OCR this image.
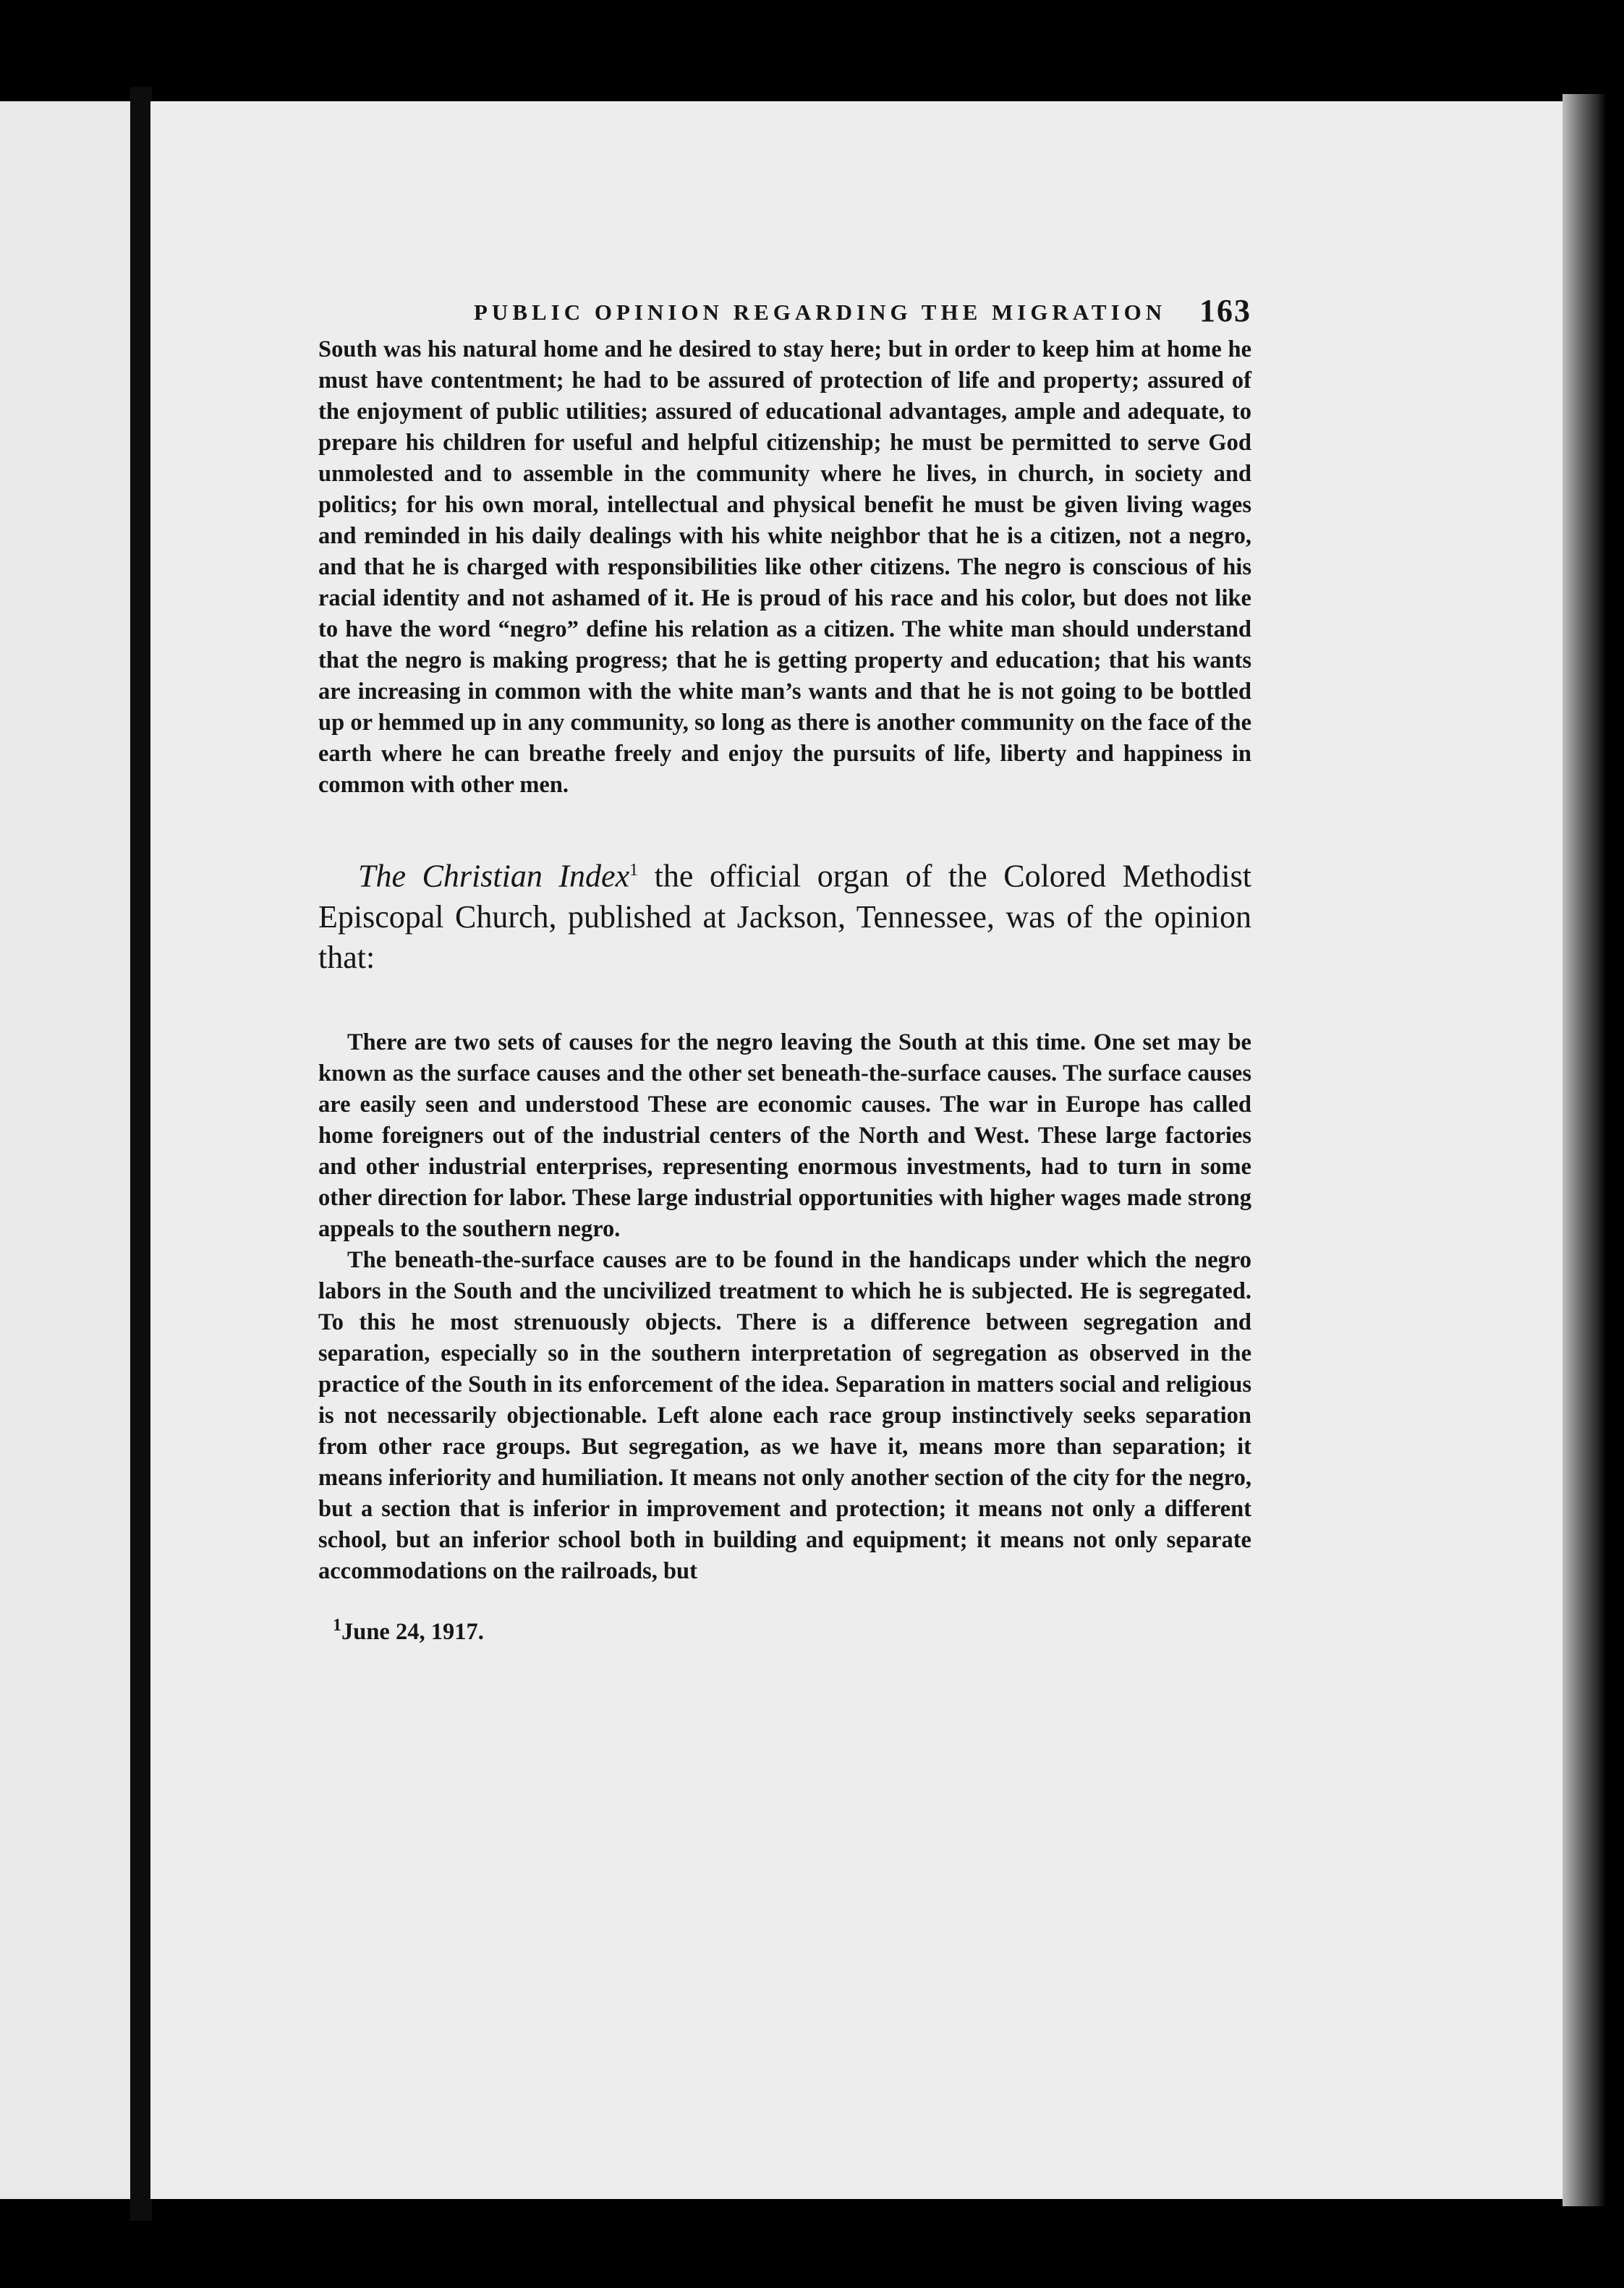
PUBLIC OPINION REGARDING THE MIGRATION 163

South was his natural home and he desired to stay here; but in order to keep him at home he must have contentment; he had to be assured of protection of life and property; assured of the enjoyment of public utilities; assured of educational advantages, ample and adequate, to prepare his children for useful and helpful citizenship; he must be permitted to serve God unmolested and to assemble in the community where he lives, in church, in society and politics; for his own moral, intellectual and physical benefit he must be given living wages and reminded in his daily dealings with his white neighbor that he is a citizen, not a negro, and that he is charged with responsibilities like other citizens. The negro is conscious of his racial identity and not ashamed of it. He is proud of his race and his color, but does not like to have the word “negro” define his relation as a citizen. The white man should understand that the negro is making progress; that he is getting property and education; that his wants are increasing in common with the white man’s wants and that he is not going to be bottled up or hemmed up in any community, so long as there is another community on the face of the earth where he can breathe freely and enjoy the pursuits of life, liberty and happiness in common with other men.

The Christian Index$^1$ the official organ of the Colored Methodist Episcopal Church, published at Jackson, Tennessee, was of the opinion that:

There are two sets of causes for the negro leaving the South at this time. One set may be known as the surface causes and the other set beneath-the-surface causes. The surface causes are easily seen and understood These are economic causes. The war in Europe has called home foreigners out of the industrial centers of the North and West. These large factories and other industrial enterprises, representing enormous investments, had to turn in some other direction for labor. These large industrial opportunities with higher wages made strong appeals to the southern negro.

The beneath-the-surface causes are to be found in the handicaps under which the negro labors in the South and the uncivilized treatment to which he is subjected. He is segregated. To this he most strenuously objects. There is a difference between segregation and separation, especially so in the southern interpretation of segregation as observed in the practice of the South in its enforcement of the idea. Separation in matters social and religious is not necessarily objectionable. Left alone each race group instinctively seeks separation from other race groups. But segregation, as we have it, means more than separation; it means inferiority and humiliation. It means not only another section of the city for the negro, but a section that is inferior in improvement and protection; it means not only a different school, but an inferior school both in building and equipment; it means not only separate accommodations on the railroads, but

$^1$June 24, 1917.
